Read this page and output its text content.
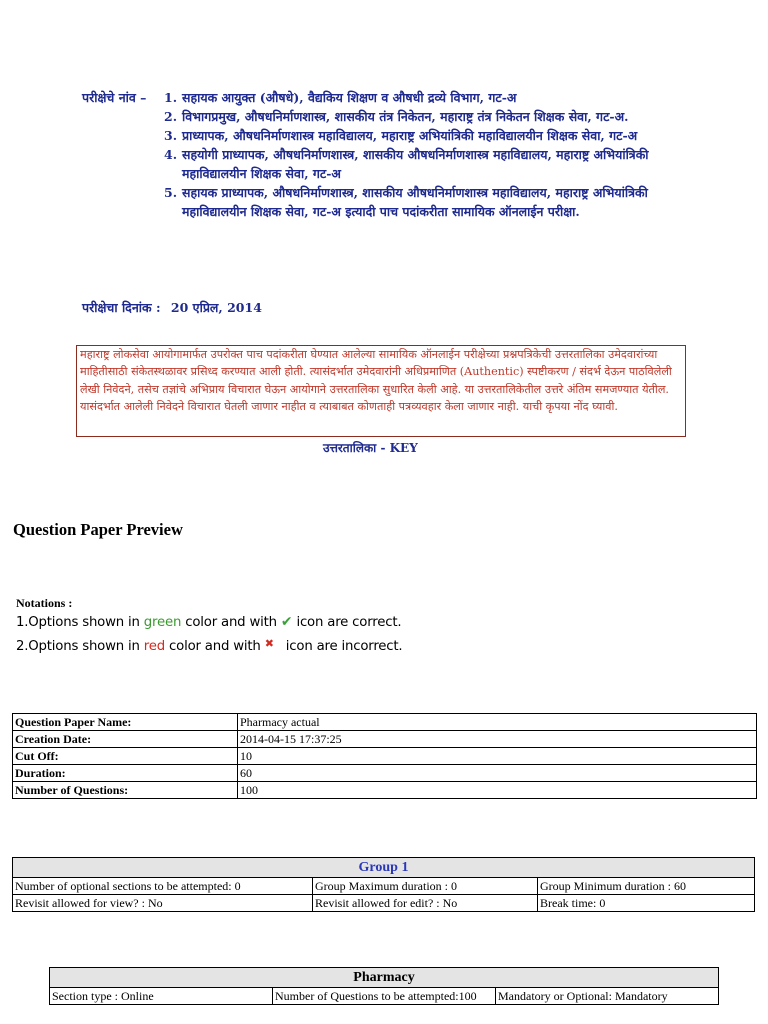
परीक्षेचे नांव –	1. सहायक आयुक्त (औषधे), वैद्यकिय शिक्षण व औषधी द्रव्ये विभाग, गट-अ
2. विभागप्रमुख, औषधनिर्माणशास्त्र, शासकीय तंत्र निकेतन, महाराष्ट्र तंत्र निकेतन शिक्षक सेवा, गट-अ.
3. प्राध्यापक, औषधनिर्माणशास्त्र महाविद्यालय, महाराष्ट्र अभियांत्रिकी महाविद्यालयीन शिक्षक सेवा, गट-अ
4. सहयोगी प्राध्यापक, औषधनिर्माणशास्त्र, शासकीय औषधनिर्माणशास्त्र महाविद्यालय, महाराष्ट्र अभियांत्रिकी महाविद्यालयीन शिक्षक सेवा, गट-अ
5. सहायक प्राध्यापक, औषधनिर्माणशास्त्र, शासकीय औषधनिर्माणशास्त्र महाविद्यालय, महाराष्ट्र अभियांत्रिकी महाविद्यालयीन शिक्षक सेवा, गट-अ इत्यादी पाच पदांकरीता सामायिक ऑनलाईन परीक्षा.
परीक्षेचा दिनांक : 20 एप्रिल, 2014
महाराष्ट्र लोकसेवा आयोगामार्फत उपरोक्त पाच पदांकरीता घेण्यात आलेल्या सामायिक ऑनलाईन परीक्षेच्या प्रश्नपत्रिकेची उत्तरतालिका उमेदवारांच्या माहितीसाठी संकेतस्थळावर प्रसिध्द करण्यात आली होती. त्यासंदर्भात उमेदवारांनी अधिप्रमाणित (Authentic) स्पष्टीकरण / संदर्भ देऊन पाठविलेली लेखी निवेदने, तसेच तज्ञांचे अभिप्राय विचारात घेऊन आयोगाने उत्तरतालिका सुधारित केली आहे. या उत्तरतालिकेतील उत्तरे अंतिम समजण्यात येतील. यासंदर्भात आलेली निवेदने विचारात घेतली जाणार नाहीत व त्याबाबत कोणताही पत्रव्यवहार केला जाणार नाही. याची कृपया नोंद घ्यावी.
उत्तरतालिका - KEY
Question Paper Preview
Notations :
1.Options shown in green color and with ✔ icon are correct.
2.Options shown in red color and with ✖   icon are incorrect.
Question Paper Name:	Pharmacy actual
Creation Date:	2014-04-15 17:37:25
Cut Off:	10
Duration:	60
Number of Questions:	100
Group 1		
Number of optional sections to be attempted: 0	Group Maximum duration : 0	Group Minimum duration : 60
Revisit allowed for view? : No	Revisit allowed for edit? : No	Break time: 0
Pharmacy
Section type : Online	Number of Questions to be attempted:100	Mandatory or Optional: Mandatory
